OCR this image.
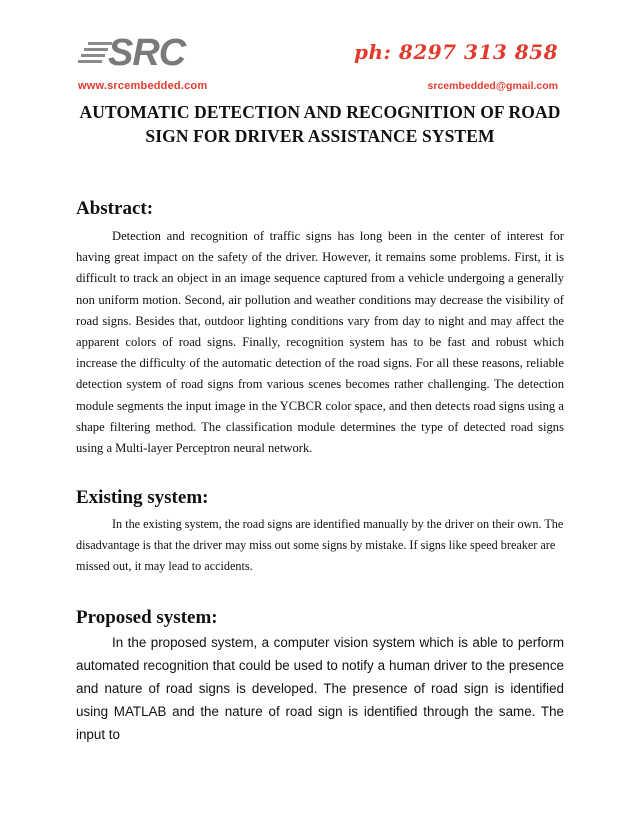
SRC
www.srcembedded.com
ph: 8297 313 858
srcembedded@gmail.com
AUTOMATIC DETECTION AND RECOGNITION OF ROAD SIGN FOR DRIVER ASSISTANCE SYSTEM
Abstract:

Detection and recognition of traffic signs has long been in the center of interest for having great impact on the safety of the driver. However, it remains some problems. First, it is difficult to track an object in an image sequence captured from a vehicle undergoing a generally non uniform motion. Second, air pollution and weather conditions may decrease the visibility of road signs. Besides that, outdoor lighting conditions vary from day to night and may affect the apparent colors of road signs. Finally, recognition system has to be fast and robust which increase the difficulty of the automatic detection of the road signs. For all these reasons, reliable detection system of road signs from various scenes becomes rather challenging. The detection module segments the input image in the YCBCR color space, and then detects road signs using a shape filtering method. The classification module determines the type of detected road signs using a Multi-layer Perceptron neural network.

Existing system:

In the existing system, the road signs are identified manually by the driver on their own. The disadvantage is that the driver may miss out some signs by mistake. If signs like speed breaker are missed out, it may lead to accidents.

Proposed system:

In the proposed system, a computer vision system which is able to perform automated recognition that could be used to notify a human driver to the presence and nature of road signs is developed. The presence of road sign is identified using MATLAB and the nature of road sign is identified through the same. The input to
